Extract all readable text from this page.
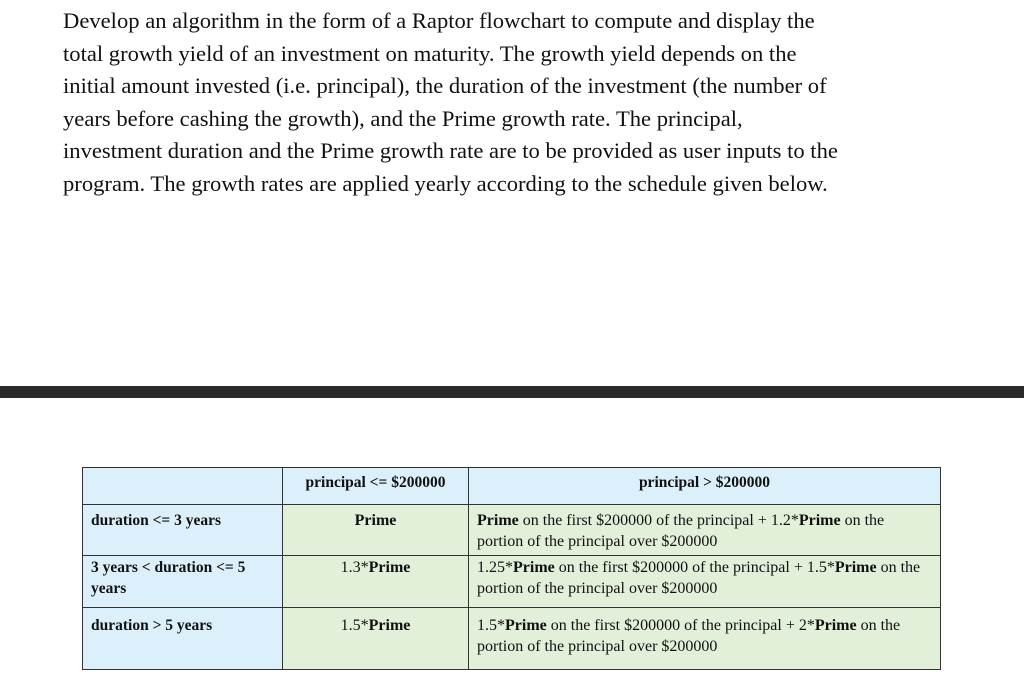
Develop an algorithm in the form of a Raptor flowchart to compute and display the
total growth yield of an investment on maturity. The growth yield depends on the
initial amount invested (i.e. principal), the duration of the investment (the number of
years before cashing the growth), and the Prime growth rate. The principal,
investment duration and the Prime growth rate are to be provided as user inputs to the
program. The growth rates are applied yearly according to the schedule given below.

	principal <= $200000	principal > $200000
duration <= 3 years	Prime	Prime on the first $200000 of the principal + 1.2*Prime on the portion of the principal over $200000
3 years < duration <= 5 years	1.3*Prime	1.25*Prime on the first $200000 of the principal + 1.5*Prime on the portion of the principal over $200000
duration > 5 years	1.5*Prime	1.5*Prime on the first $200000 of the principal + 2*Prime on the portion of the principal over $200000
